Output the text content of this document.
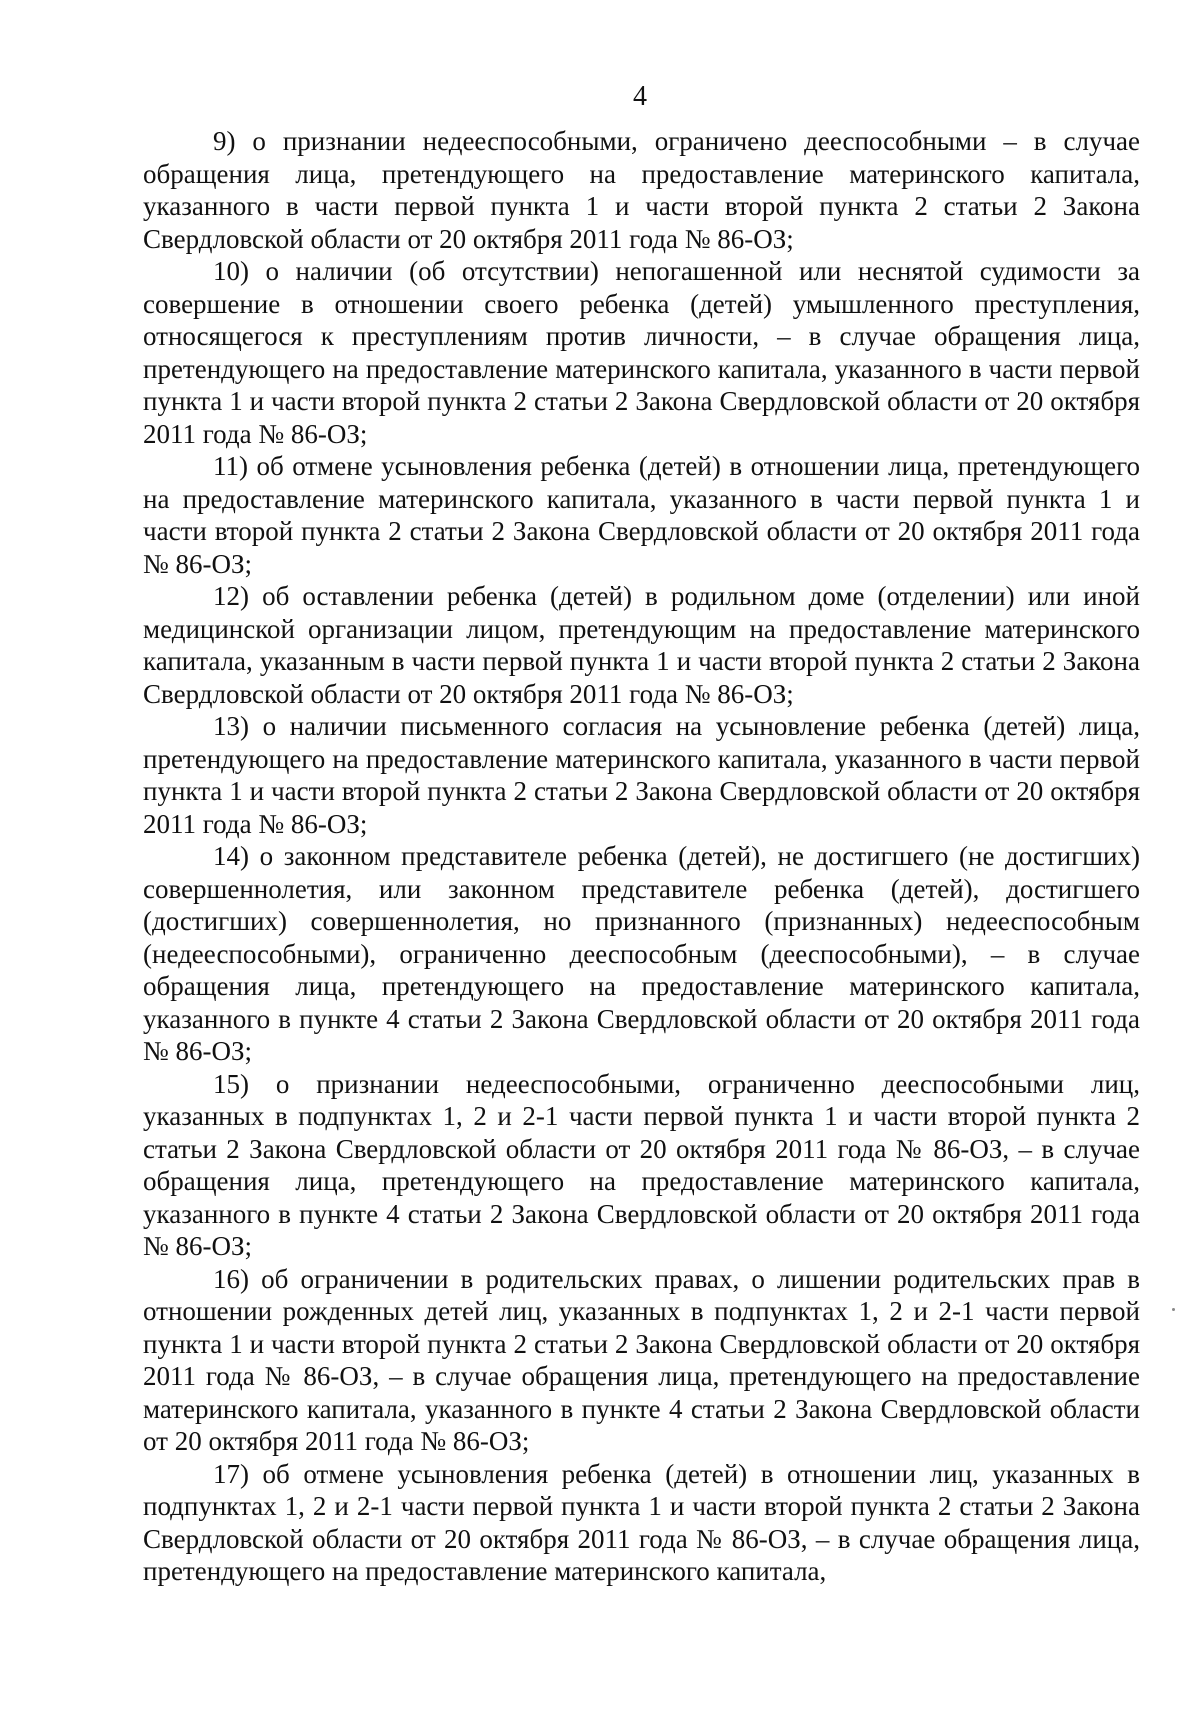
4

9) о признании недееспособными, ограничено дееспособными – в случае обращения лица, претендующего на предоставление материнского капитала, указанного в части первой пункта 1 и части второй пункта 2 статьи 2 Закона Свердловской области от 20 октября 2011 года № 86-ОЗ;

10) о наличии (об отсутствии) непогашенной или неснятой судимости за совершение в отношении своего ребенка (детей) умышленного преступления, относящегося к преступлениям против личности, – в случае обращения лица, претендующего на предоставление материнского капитала, указанного в части первой пункта 1 и части второй пункта 2 статьи 2 Закона Свердловской области от 20 октября 2011 года № 86-ОЗ;

11) об отмене усыновления ребенка (детей) в отношении лица, претендующего на предоставление материнского капитала, указанного в части первой пункта 1 и части второй пункта 2 статьи 2 Закона Свердловской области от 20 октября 2011 года № 86-ОЗ;

12) об оставлении ребенка (детей) в родильном доме (отделении) или иной медицинской организации лицом, претендующим на предоставление материнского капитала, указанным в части первой пункта 1 и части второй пункта 2 статьи 2 Закона Свердловской области от 20 октября 2011 года № 86-ОЗ;

13) о наличии письменного согласия на усыновление ребенка (детей) лица, претендующего на предоставление материнского капитала, указанного в части первой пункта 1 и части второй пункта 2 статьи 2 Закона Свердловской области от 20 октября 2011 года № 86-ОЗ;

14) о законном представителе ребенка (детей), не достигшего (не достигших) совершеннолетия, или законном представителе ребенка (детей), достигшего (достигших) совершеннолетия, но признанного (признанных) недееспособным (недееспособными), ограниченно дееспособным (дееспособными), – в случае обращения лица, претендующего на предоставление материнского капитала, указанного в пункте 4 статьи 2 Закона Свердловской области от 20 октября 2011 года № 86-ОЗ;

15) о признании недееспособными, ограниченно дееспособными лиц, указанных в подпунктах 1, 2 и 2-1 части первой пункта 1 и части второй пункта 2 статьи 2 Закона Свердловской области от 20 октября 2011 года № 86-ОЗ, – в случае обращения лица, претендующего на предоставление материнского капитала, указанного в пункте 4 статьи 2 Закона Свердловской области от 20 октября 2011 года № 86-ОЗ;

16) об ограничении в родительских правах, о лишении родительских прав в отношении рожденных детей лиц, указанных в подпунктах 1, 2 и 2-1 части первой пункта 1 и части второй пункта 2 статьи 2 Закона Свердловской области от 20 октября 2011 года № 86-ОЗ, – в случае обращения лица, претендующего на предоставление материнского капитала, указанного в пункте 4 статьи 2 Закона Свердловской области от 20 октября 2011 года № 86-ОЗ;

17) об отмене усыновления ребенка (детей) в отношении лиц, указанных в подпунктах 1, 2 и 2-1 части первой пункта 1 и части второй пункта 2 статьи 2 Закона Свердловской области от 20 октября 2011 года № 86-ОЗ, – в случае обращения лица, претендующего на предоставление материнского капитала,
